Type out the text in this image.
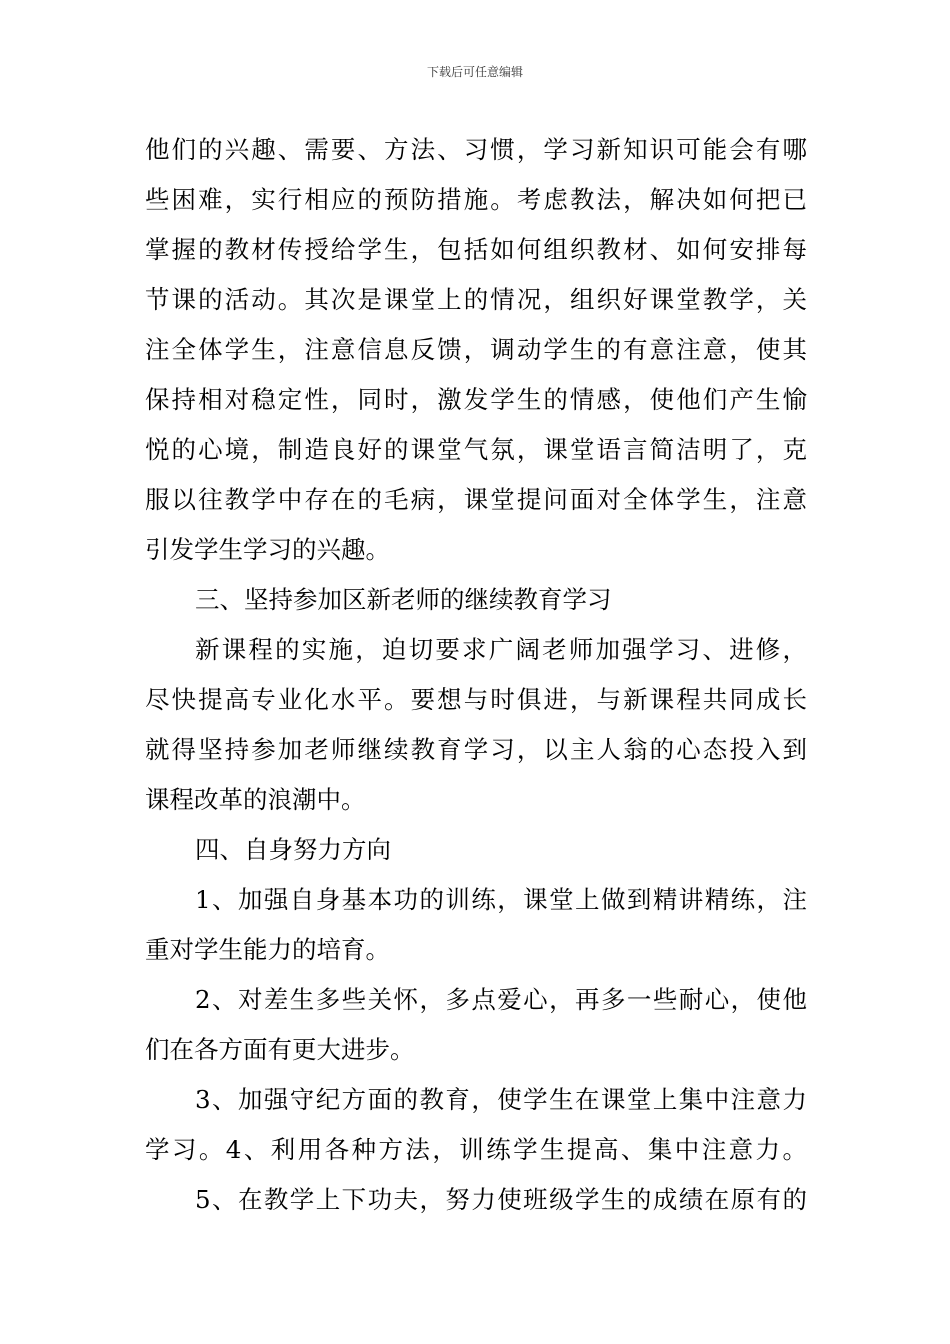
下载后可任意编辑
他们的兴趣、需要、方法、习惯，学习新知识可能会有哪
些困难，实行相应的预防措施。考虑教法，解决如何把已
掌握的教材传授给学生，包括如何组织教材、如何安排每
节课的活动。其次是课堂上的情况，组织好课堂教学，关
注全体学生，注意信息反馈，调动学生的有意注意，使其
保持相对稳定性，同时，激发学生的情感，使他们产生愉
悦的心境，制造良好的课堂气氛，课堂语言简洁明了，克
服以往教学中存在的毛病，课堂提问面对全体学生，注意
引发学生学习的兴趣。
三、坚持参加区新老师的继续教育学习
新课程的实施，迫切要求广阔老师加强学习、进修，
尽快提高专业化水平。要想与时俱进，与新课程共同成长
就得坚持参加老师继续教育学习，以主人翁的心态投入到
课程改革的浪潮中。
四、自身努力方向
1、加强自身基本功的训练，课堂上做到精讲精练，注
重对学生能力的培育。
2、对差生多些关怀，多点爱心，再多一些耐心，使他
们在各方面有更大进步。
3、加强守纪方面的教育，使学生在课堂上集中注意力
学习。4、利用各种方法，训练学生提高、集中注意力。
5、在教学上下功夫，努力使班级学生的成绩在原有的
